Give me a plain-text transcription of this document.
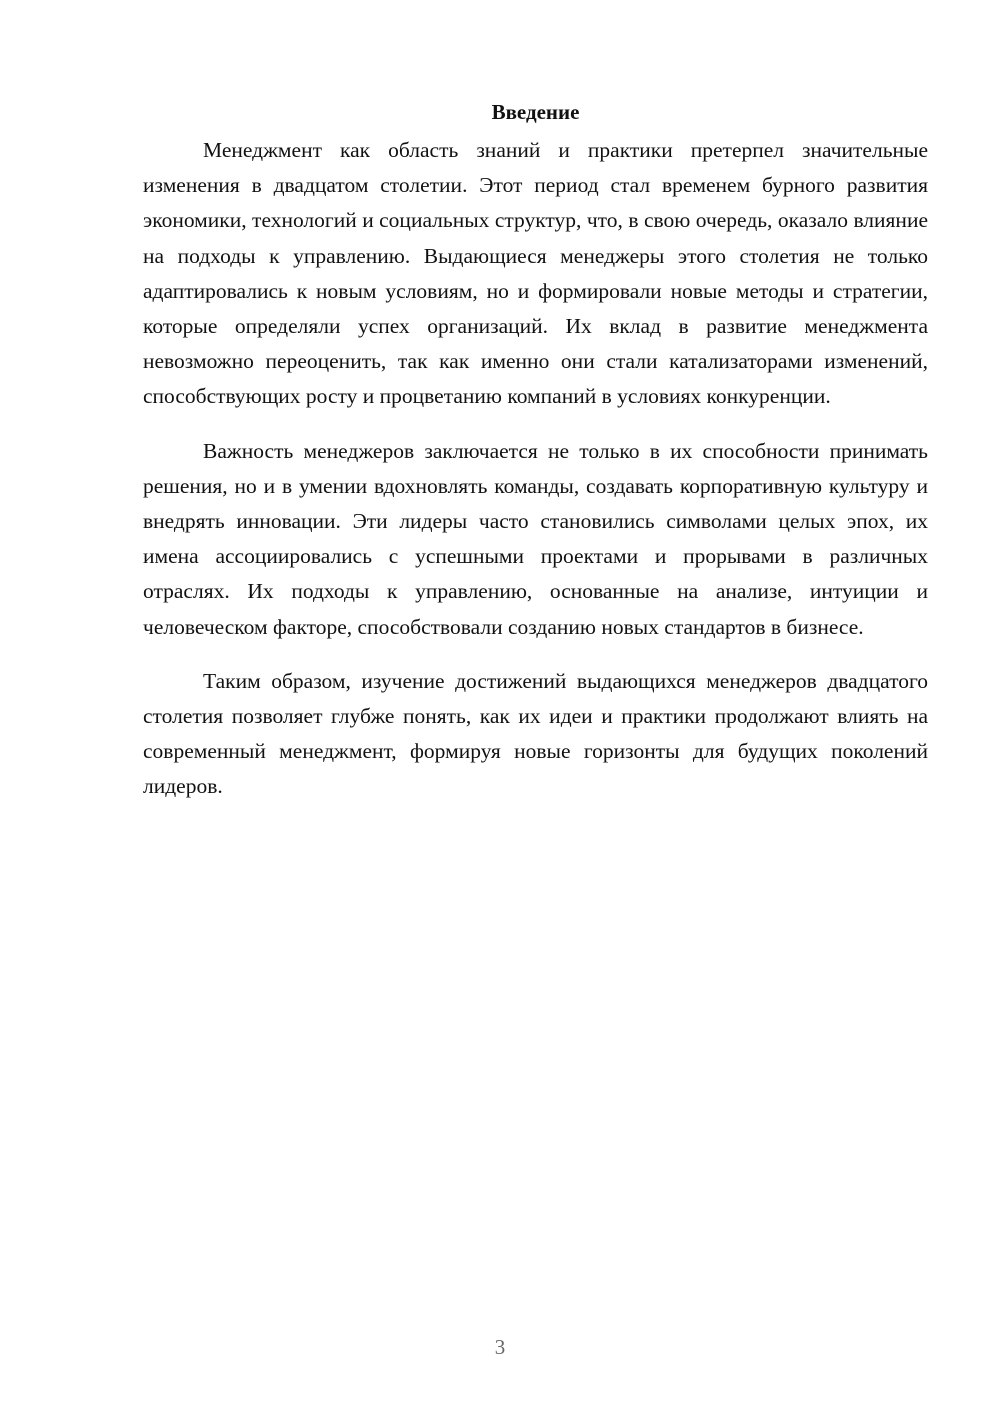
Введение

Менеджмент как область знаний и практики претерпел значительные изменения в двадцатом столетии. Этот период стал временем бурного развития экономики, технологий и социальных структур, что, в свою очередь, оказало влияние на подходы к управлению. Выдающиеся менеджеры этого столетия не только адаптировались к новым условиям, но и формировали новые методы и стратегии, которые определяли успех организаций. Их вклад в развитие менеджмента невозможно переоценить, так как именно они стали катализаторами изменений, способствующих росту и процветанию компаний в условиях конкуренции.

Важность менеджеров заключается не только в их способности принимать решения, но и в умении вдохновлять команды, создавать корпоративную культуру и внедрять инновации. Эти лидеры часто становились символами целых эпох, их имена ассоциировались с успешными проектами и прорывами в различных отраслях. Их подходы к управлению, основанные на анализе, интуиции и человеческом факторе, способствовали созданию новых стандартов в бизнесе.

Таким образом, изучение достижений выдающихся менеджеров двадцатого столетия позволяет глубже понять, как их идеи и практики продолжают влиять на современный менеджмент, формируя новые горизонты для будущих поколений лидеров.

3
